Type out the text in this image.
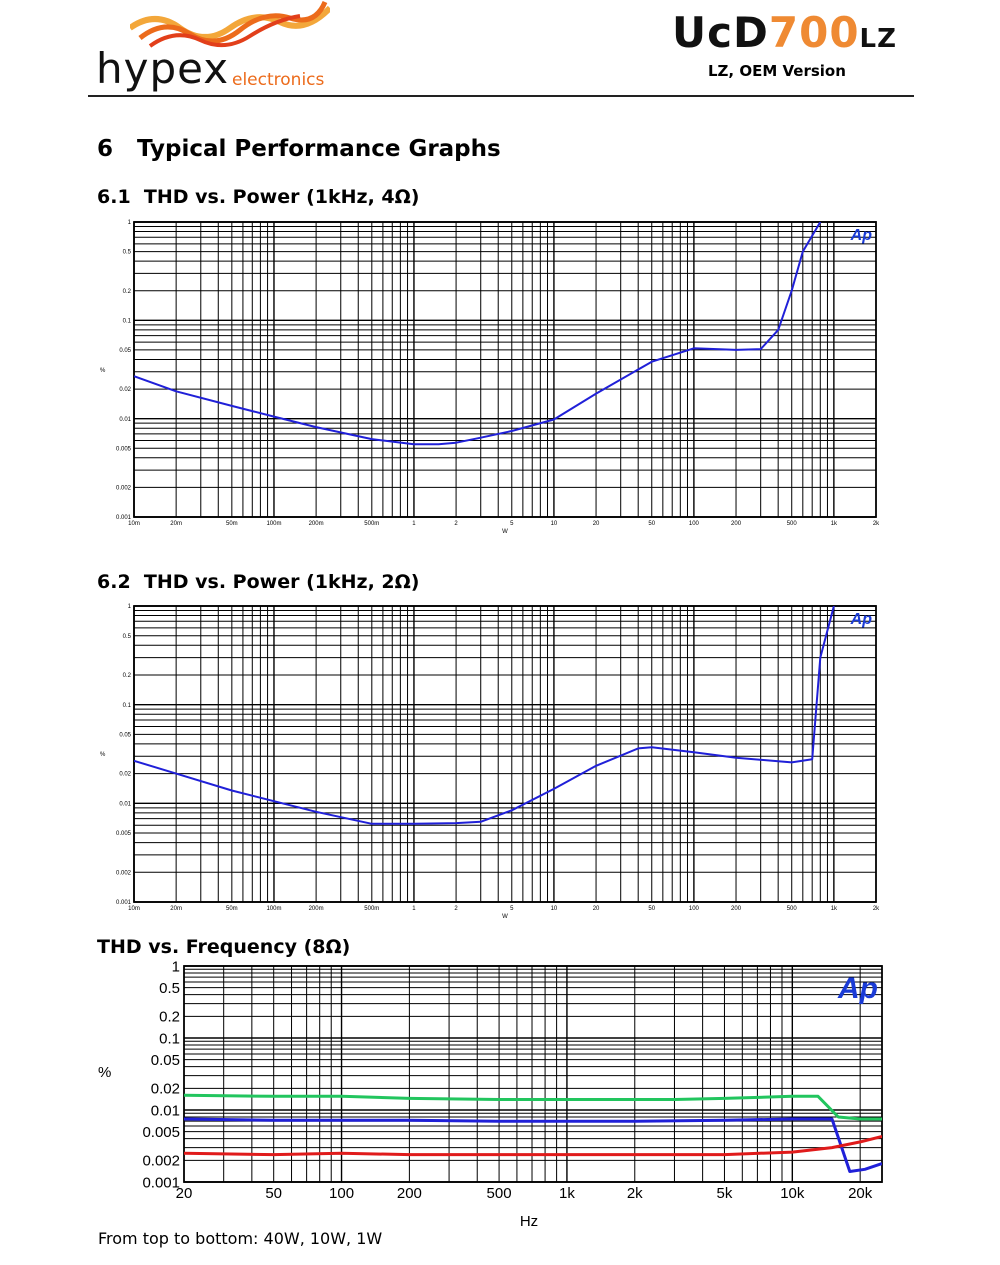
hypex electronics
UcD700LZ
LZ, OEM Version
6 Typical Performance Graphs
6.1 THD vs. Power (1kHz, 4Ω)
6.2 THD vs. Power (1kHz, 2Ω)
THD vs. Frequency (8Ω)
0.001
0.002
0.005
0.01
0.02
0.05
0.1
0.2
0.5
1
10m	20m	50m	100m	200m	500m	1	2	5	10	20	50	100	200	500	1k	2k
%
W
Ap
0.001
0.002
0.005
0.01
0.02
0.05
0.1
0.2
0.5
1
10m	20m	50m	100m	200m	500m	1	2	5	10	20	50	100	200	500	1k	2k
%
W
Ap
0.001
0.002
0.005
0.01
0.02
0.05
0.1
0.2
0.5
1
20	50	100	200	500	1k	2k	5k	10k	20k
%
Hz
Ap
From top to bottom: 40W, 10W, 1W
